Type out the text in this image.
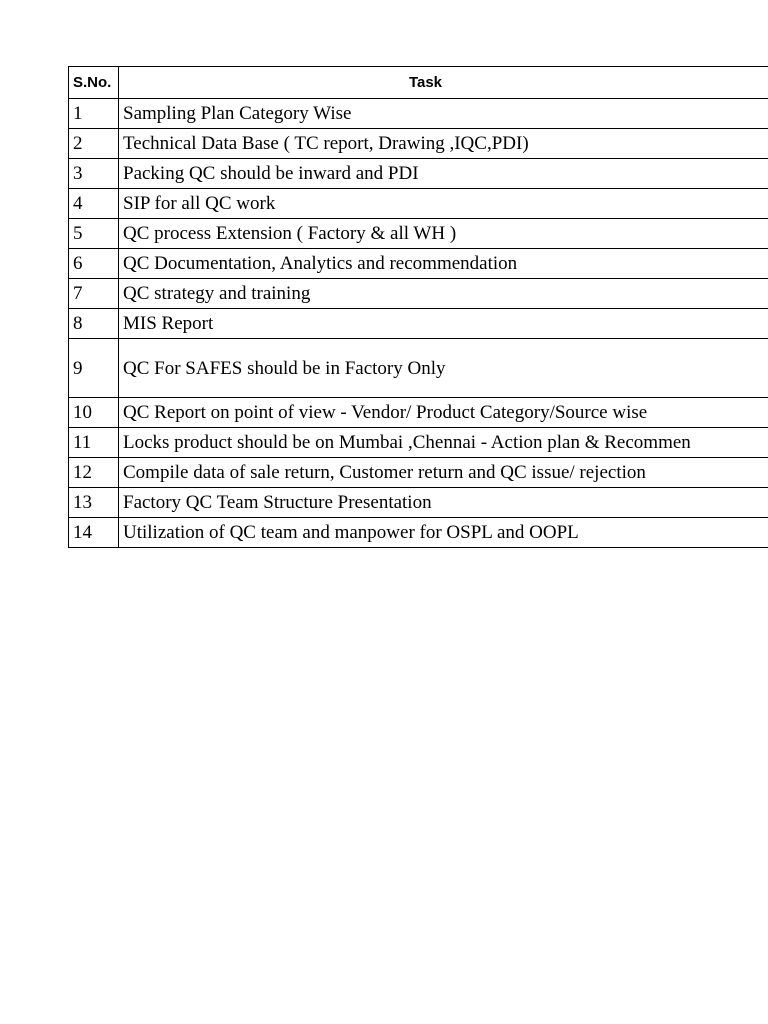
S.No.	Task
1	Sampling Plan Category Wise
2	Technical Data Base ( TC report, Drawing ,IQC,PDI)
3	Packing QC should be inward and PDI
4	SIP for all QC work
5	QC process Extension ( Factory & all WH )
6	QC Documentation, Analytics and recommendation
7	QC strategy and training
8	MIS Report
9	QC For SAFES should be in Factory Only
10	QC Report on point of view - Vendor/ Product Category/Source wise
11	Locks product should be on Mumbai ,Chennai - Action plan & Recommen
12	Compile data of sale return, Customer return and QC issue/ rejection
13	Factory QC Team Structure Presentation
14	Utilization of QC team and manpower for OSPL and OOPL
